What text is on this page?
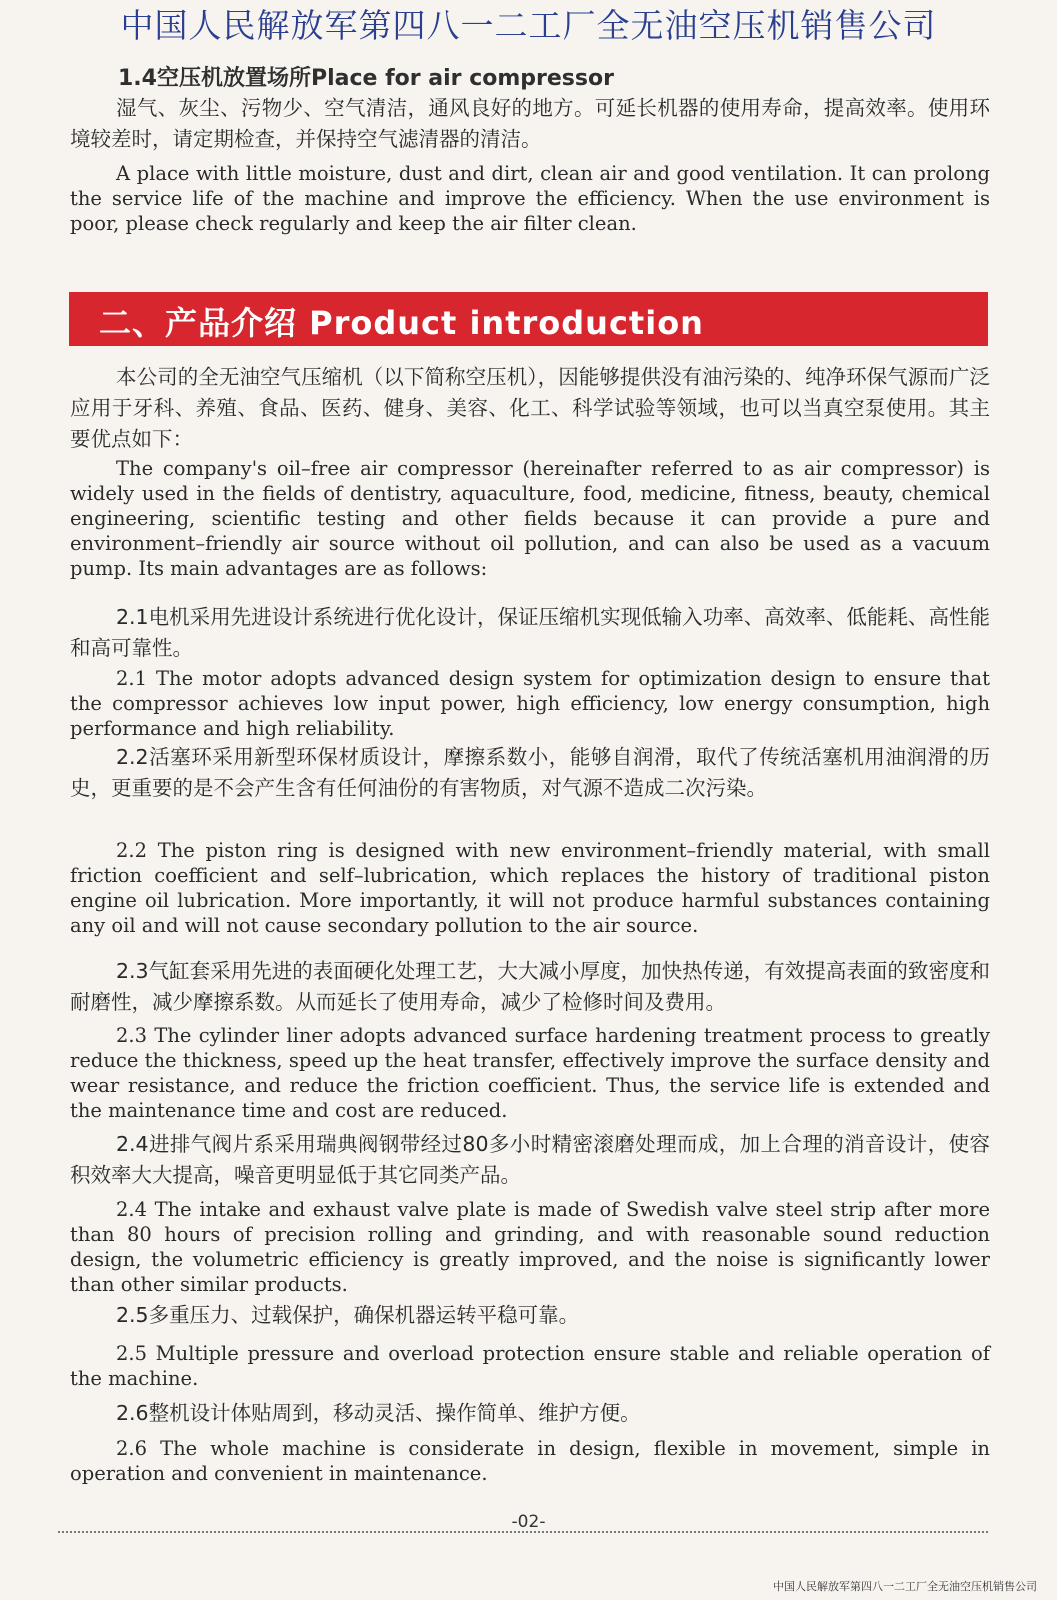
中国人民解放军第四八一二工厂全无油空压机销售公司
1.4空压机放置场所Place for air compressor

湿气、灰尘、污物少、空气清洁，通风良好的地方。可延长机器的使用寿命，提高效率。使用环境较差时，请定期检查，并保持空气滤清器的清洁。

A place with little moisture, dust and dirt, clean air and good ventilation. It can prolong the service life of the machine and improve the efficiency. When the use environment is poor, please check regularly and keep the air filter clean.

二、产品介绍 Product introduction

本公司的全无油空气压缩机（以下简称空压机），因能够提供没有油污染的、纯净环保气源而广泛应用于牙科、养殖、食品、医药、健身、美容、化工、科学试验等领域，也可以当真空泵使用。其主要优点如下：

The company's oil–free air compressor (hereinafter referred to as air compressor) is widely used in the fields of dentistry, aquaculture, food, medicine, fitness, beauty, chemical engineering, scientific testing and other fields because it can provide a pure and environment–friendly air source without oil pollution, and can also be used as a vacuum pump. Its main advantages are as follows:

2.1电机采用先进设计系统进行优化设计，保证压缩机实现低输入功率、高效率、低能耗、高性能和高可靠性。

2.1 The motor adopts advanced design system for optimization design to ensure that the compressor achieves low input power, high efficiency, low energy consumption, high performance and high reliability.

2.2活塞环采用新型环保材质设计，摩擦系数小，能够自润滑，取代了传统活塞机用油润滑的历史，更重要的是不会产生含有任何油份的有害物质，对气源不造成二次污染。

2.2 The piston ring is designed with new environment–friendly material, with small friction coefficient and self–lubrication, which replaces the history of traditional piston engine oil lubrication. More importantly, it will not produce harmful substances containing any oil and will not cause secondary pollution to the air source.

2.3气缸套采用先进的表面硬化处理工艺，大大减小厚度，加快热传递，有效提高表面的致密度和耐磨性，减少摩擦系数。从而延长了使用寿命，减少了检修时间及费用。

2.3 The cylinder liner adopts advanced surface hardening treatment process to greatly reduce the thickness, speed up the heat transfer, effectively improve the surface density and wear resistance, and reduce the friction coefficient. Thus, the service life is extended and the maintenance time and cost are reduced.

2.4进排气阀片系采用瑞典阀钢带经过80多小时精密滚磨处理而成，加上合理的消音设计，使容积效率大大提高，噪音更明显低于其它同类产品。

2.4 The intake and exhaust valve plate is made of Swedish valve steel strip after more than 80 hours of precision rolling and grinding, and with reasonable sound reduction design, the volumetric efficiency is greatly improved, and the noise is significantly lower than other similar products.

2.5多重压力、过载保护，确保机器运转平稳可靠。

2.5 Multiple pressure and overload protection ensure stable and reliable operation of the machine.

2.6整机设计体贴周到，移动灵活、操作简单、维护方便。

2.6 The whole machine is considerate in design, flexible in movement, simple in operation and convenient in maintenance.

-02-
中国人民解放军第四八一二工厂全无油空压机销售公司
